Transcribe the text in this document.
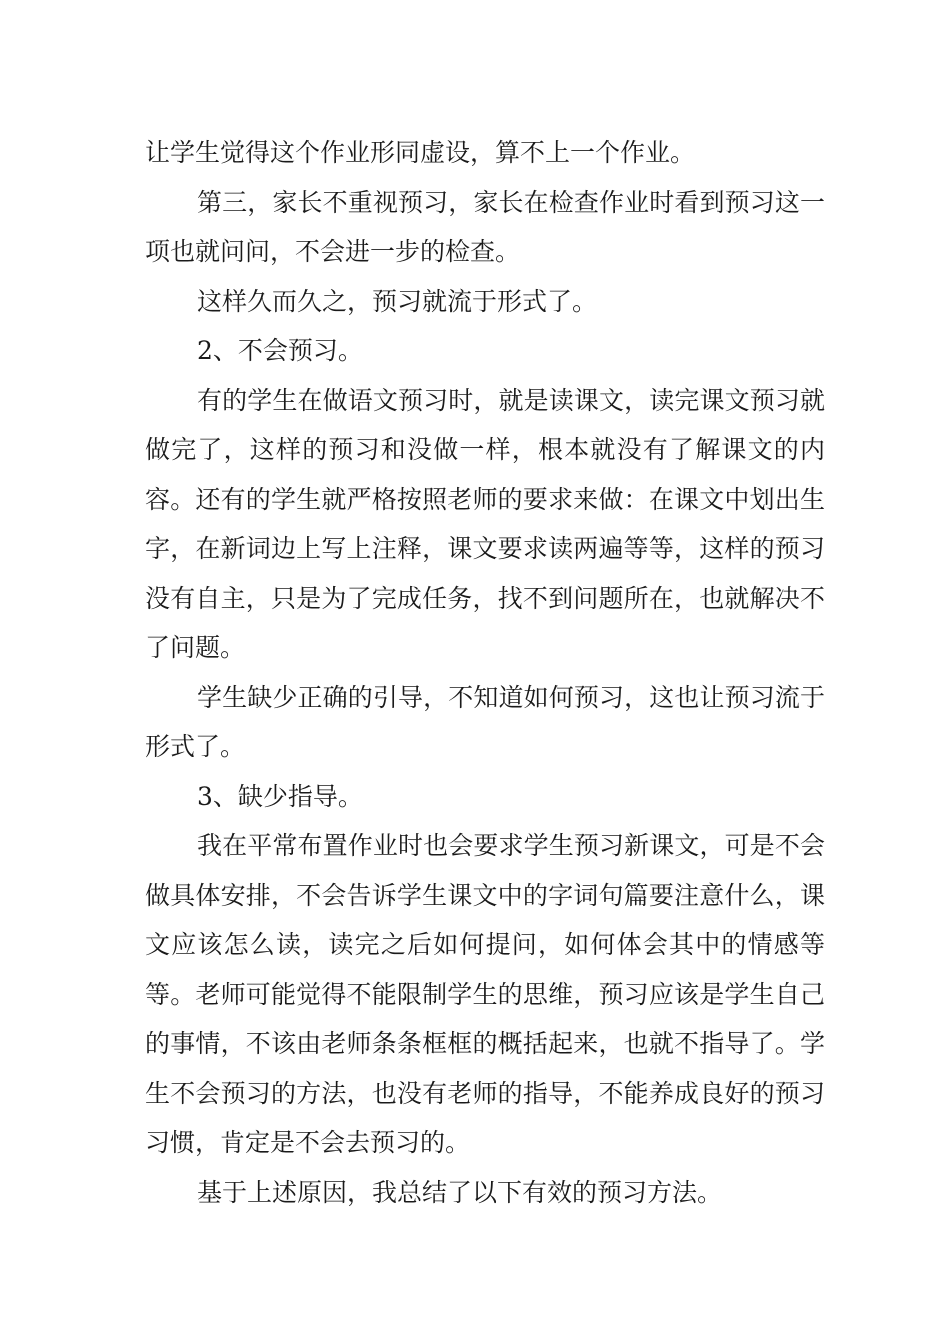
让学生觉得这个作业形同虚设，算不上一个作业。

第三，家长不重视预习，家长在检查作业时看到预习这一项也就问问，不会进一步的检查。

这样久而久之，预习就流于形式了。

2、不会预习。

有的学生在做语文预习时，就是读课文，读完课文预习就做完了，这样的预习和没做一样，根本就没有了解课文的内容。还有的学生就严格按照老师的要求来做：在课文中划出生字，在新词边上写上注释，课文要求读两遍等等，这样的预习没有自主，只是为了完成任务，找不到问题所在，也就解决不了问题。

学生缺少正确的引导，不知道如何预习，这也让预习流于形式了。

3、缺少指导。

我在平常布置作业时也会要求学生预习新课文，可是不会做具体安排，不会告诉学生课文中的字词句篇要注意什么，课文应该怎么读，读完之后如何提问，如何体会其中的情感等等。老师可能觉得不能限制学生的思维，预习应该是学生自己的事情，不该由老师条条框框的概括起来，也就不指导了。学生不会预习的方法，也没有老师的指导，不能养成良好的预习习惯，肯定是不会去预习的。

基于上述原因，我总结了以下有效的预习方法。
